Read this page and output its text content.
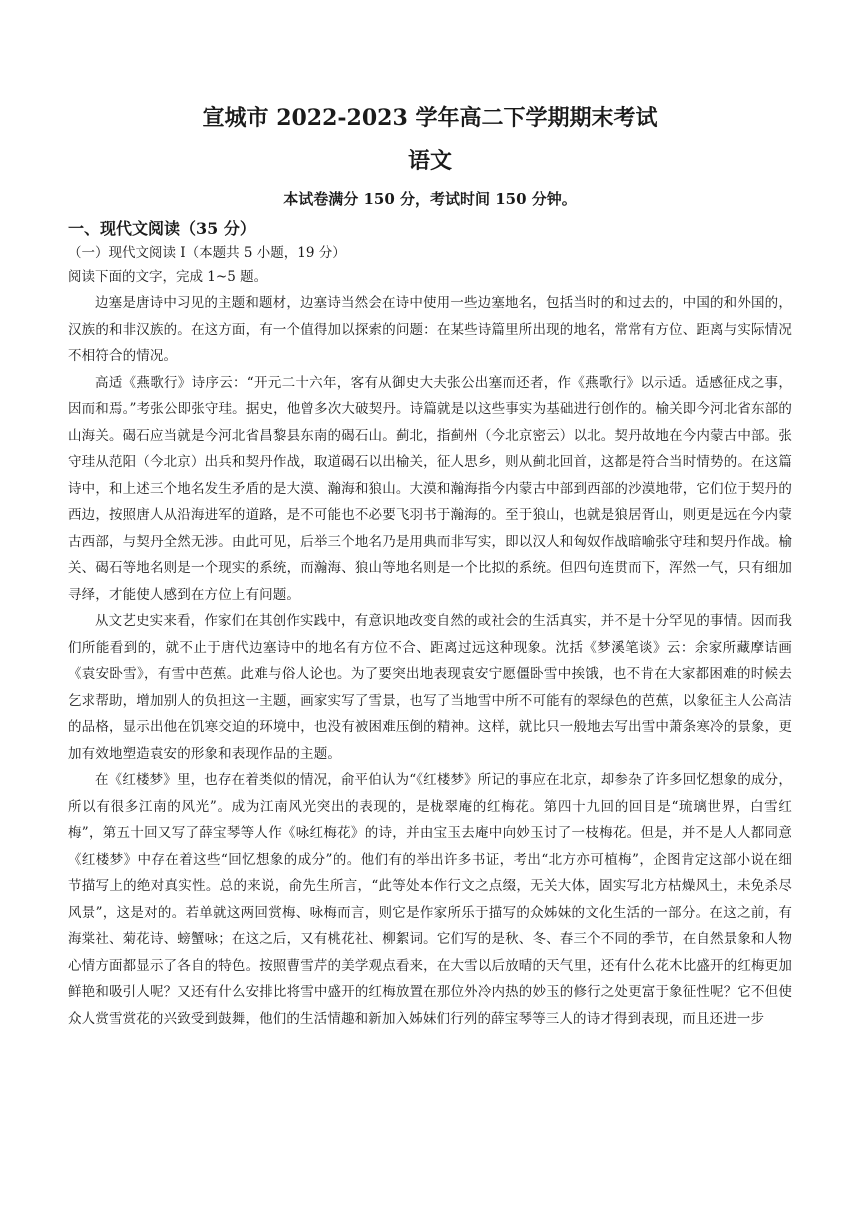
宣城市 2022-2023 学年高二下学期期末考试
语文

本试卷满分 150 分，考试时间 150 分钟。

一、现代文阅读（35 分）

（一）现代文阅读 I（本题共 5 小题，19 分）

阅读下面的文字，完成 1~5 题。

边塞是唐诗中习见的主题和题材，边塞诗当然会在诗中使用一些边塞地名，包括当时的和过去的，中国的和外国的，汉族的和非汉族的。在这方面，有一个值得加以探索的问题：在某些诗篇里所出现的地名，常常有方位、距离与实际情况不相符合的情况。

高适《燕歌行》诗序云：“开元二十六年，客有从御史大夫张公出塞而还者，作《燕歌行》以示适。适感征戍之事，因而和焉。”考张公即张守珪。据史，他曾多次大破契丹。诗篇就是以这些事实为基础进行创作的。榆关即今河北省东部的山海关。碣石应当就是今河北省昌黎县东南的碣石山。蓟北，指蓟州（今北京密云）以北。契丹故地在今内蒙古中部。张守珪从范阳（今北京）出兵和契丹作战，取道碣石以出榆关，征人思乡，则从蓟北回首，这都是符合当时情势的。在这篇诗中，和上述三个地名发生矛盾的是大漠、瀚海和狼山。大漠和瀚海指今内蒙古中部到西部的沙漠地带，它们位于契丹的西边，按照唐人从沿海进军的道路，是不可能也不必要飞羽书于瀚海的。至于狼山，也就是狼居胥山，则更是远在今内蒙古西部，与契丹全然无涉。由此可见，后举三个地名乃是用典而非写实，即以汉人和匈奴作战暗喻张守珪和契丹作战。榆关、碣石等地名则是一个现实的系统，而瀚海、狼山等地名则是一个比拟的系统。但四句连贯而下，浑然一气，只有细加寻绎，才能使人感到在方位上有问题。

从文艺史实来看，作家们在其创作实践中，有意识地改变自然的或社会的生活真实，并不是十分罕见的事情。因而我们所能看到的，就不止于唐代边塞诗中的地名有方位不合、距离过远这种现象。沈括《梦溪笔谈》云：余家所藏摩诘画《袁安卧雪》，有雪中芭蕉。此难与俗人论也。为了要突出地表现袁安宁愿僵卧雪中挨饿，也不肯在大家都困难的时候去乞求帮助，增加别人的负担这一主题，画家实写了雪景，也写了当地雪中所不可能有的翠绿色的芭蕉，以象征主人公高洁的品格，显示出他在饥寒交迫的环境中，也没有被困难压倒的精神。这样，就比只一般地去写出雪中萧条寒冷的景象，更加有效地塑造袁安的形象和表现作品的主题。

在《红楼梦》里，也存在着类似的情况，俞平伯认为“《红楼梦》所记的事应在北京，却参杂了许多回忆想象的成分，所以有很多江南的风光”。成为江南风光突出的表现的，是栊翠庵的红梅花。第四十九回的回目是“琉璃世界，白雪红梅”，第五十回又写了薛宝琴等人作《咏红梅花》的诗，并由宝玉去庵中向妙玉讨了一枝梅花。但是，并不是人人都同意《红楼梦》中存在着这些“回忆想象的成分”的。他们有的举出许多书证，考出“北方亦可植梅”，企图肯定这部小说在细节描写上的绝对真实性。总的来说，俞先生所言，“此等处本作行文之点缀，无关大体，固实写北方枯燥风土，未免杀尽风景”，这是对的。若单就这两回赏梅、咏梅而言，则它是作家所乐于描写的众姊妹的文化生活的一部分。在这之前，有海棠社、菊花诗、螃蟹咏；在这之后，又有桃花社、柳絮词。它们写的是秋、冬、春三个不同的季节，在自然景象和人物心情方面都显示了各自的特色。按照曹雪芹的美学观点看来，在大雪以后放晴的天气里，还有什么花木比盛开的红梅更加鲜艳和吸引人呢？又还有什么安排比将雪中盛开的红梅放置在那位外冷内热的妙玉的修行之处更富于象征性呢？它不但使众人赏雪赏花的兴致受到鼓舞，他们的生活情趣和新加入姊妹们行列的薛宝琴等三人的诗才得到表现，而且还进一步
